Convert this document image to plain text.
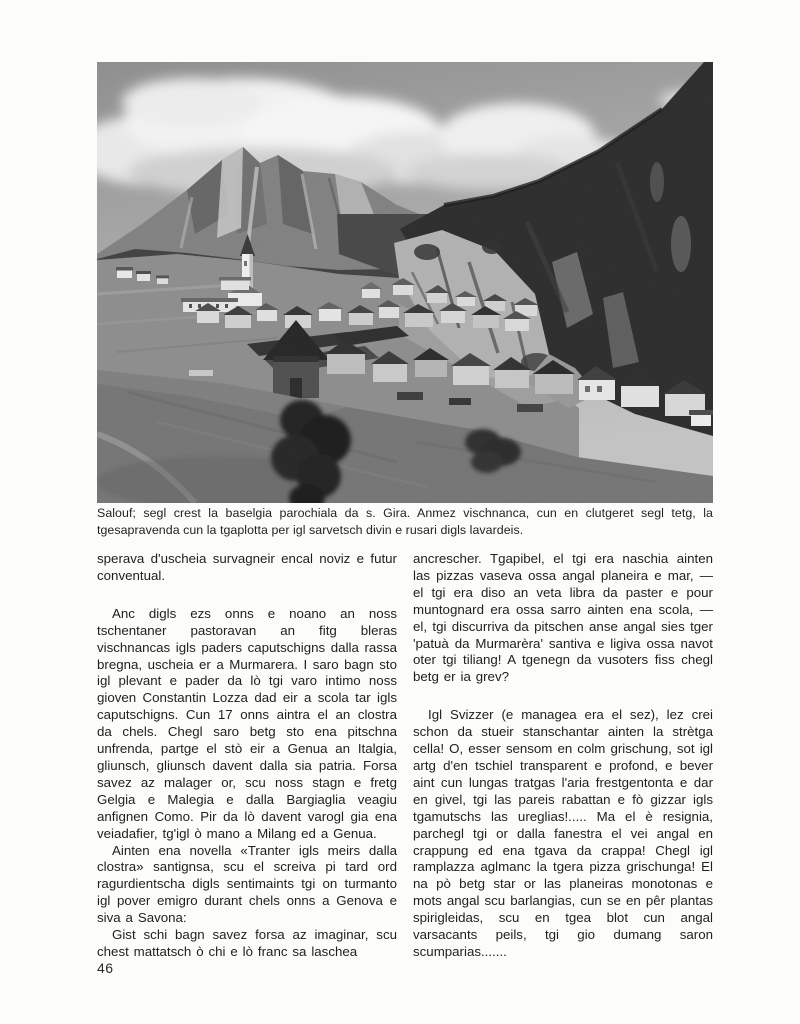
Salouf; segl crest la baselgia parochiala da s. Gira. Anmez vischnanca, cun en clutgeret segl tetg, la tgesapravenda cun la tgaplotta per igl sarvetsch divin e rusari digls lavardeis.

sperava d'uscheia survagneir encal noviz e futur conventual.

Anc digls ezs onns e noano an noss tschentaner pastoravan an fitg bleras vischnancas igls paders caputschigns dalla rassa bregna, uscheia er a Murmarera. I saro bagn sto igl plevant e pader da lò tgi varo intimo noss gioven Constantin Lozza dad eir a scola tar igls caputschigns. Cun 17 onns aintra el an clostra da chels. Chegl saro betg sto ena pitschna unfrenda, partge el stò eir a Genua an Italgia, gliunsch, gliunsch davent dalla sia patria. Forsa savez az malager or, scu noss stagn e fretg Gelgia e Malegia e dalla Bargiaglia veagiu anfignen Como. Pir da lò davent varogl gia ena veiadafier, tg'igl ò mano a Milang ed a Genua.

Ainten ena novella «Tranter igls meirs dalla clostra» santignsa, scu el screiva pi tard ord ragurdientscha digls sentimaints tgi on turmanto igl pover emigro durant chels onns a Genova e siva a Savona:

Gist schi bagn savez forsa az imaginar, scu chest mattatsch ò chi e lò franc sa laschea

ancrescher. Tgapibel, el tgi era naschia ainten las pizzas vaseva ossa angal planeira e mar, — el tgi era diso an veta libra da paster e pour muntognard era ossa sarro ainten ena scola, — el, tgi discurriva da pitschen anse angal sies tger 'patuà da Murmarèra' santiva e ligiva ossa navot oter tgi tiliang! A tgenegn da vusoters fiss chegl betg er ia grev?

Igl Svizzer (e managea era el sez), lez crei schon da stueir stanschantar ainten la strètga cella! O, esser sensom en colm grischung, sot igl artg d'en tschiel transparent e profond, e bever aint cun lungas tratgas l'aria frestgentonta e dar en givel, tgi las pareis rabattan e fò gizzar igls tgamutschs las ureglias!..... Ma el è resignia, parchegl tgi or dalla fanestra el vei angal en crappung ed ena tgava da crappa! Chegl igl ramplazza aglmanc la tgera pizza grischunga! El na pò betg star or las planeiras monotonas e mots angal scu barlangias, cun se en pêr plantas spirigleidas, scu en tgea blot cun angal varsacants peils, tgi gio dumang saron scumparias.......

46
